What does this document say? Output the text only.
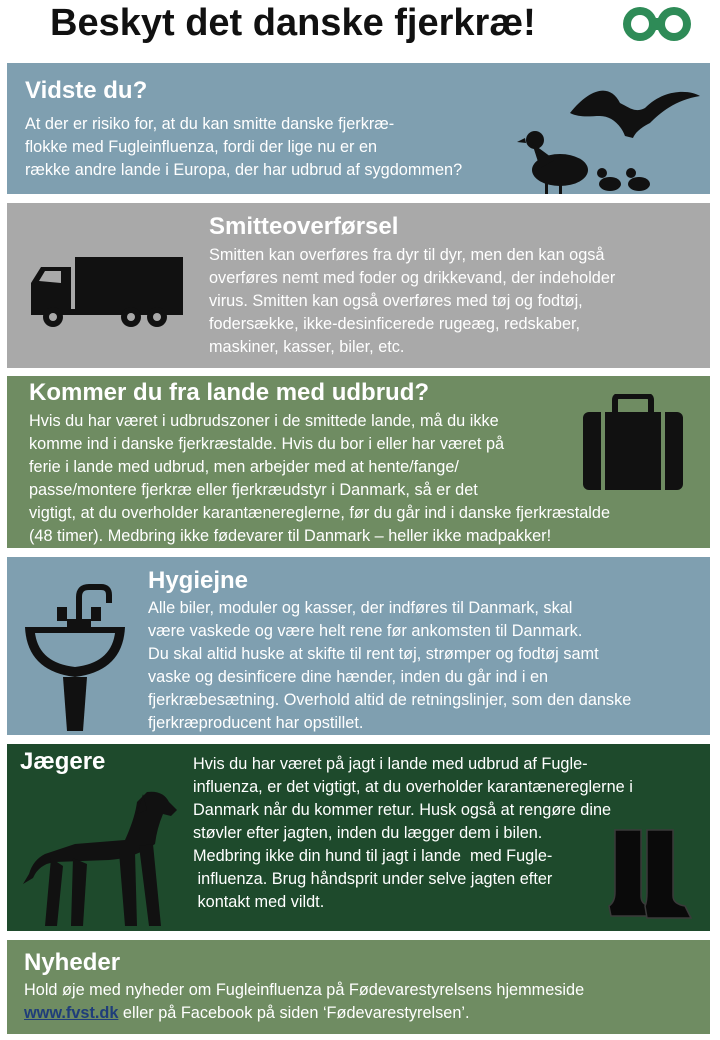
Beskyt det danske fjerkræ!
Vidste du?
At der er risiko for, at du kan smitte danske fjerkræ-
flokke med Fugleinfluenza, fordi der lige nu er en
række andre lande i Europa, der har udbrud af sygdommen?
Smitteoverførsel
Smitten kan overføres fra dyr til dyr, men den kan også
overføres nemt med foder og drikkevand, der indeholder
virus. Smitten kan også overføres med tøj og fodtøj,
fodersække, ikke-desinficerede rugeæg, redskaber,
maskiner, kasser, biler, etc.
Kommer du fra lande med udbrud?
Hvis du har været i udbrudszoner i de smittede lande, må du ikke
komme ind i danske fjerkræstalde. Hvis du bor i eller har været på
ferie i lande med udbrud, men arbejder med at hente/fange/
passe/montere fjerkræ eller fjerkræudstyr i Danmark, så er det
vigtigt, at du overholder karantænereglerne, før du går ind i danske fjerkræstalde
(48 timer). Medbring ikke fødevarer til Danmark – heller ikke madpakker!
Hygiejne
Alle biler, moduler og kasser, der indføres til Danmark, skal
være vaskede og være helt rene før ankomsten til Danmark.
Du skal altid huske at skifte til rent tøj, strømper og fodtøj samt
vaske og desinficere dine hænder, inden du går ind i en
fjerkræbesætning. Overhold altid de retningslinjer, som den danske
fjerkræproducent har opstillet.
Jægere	Hvis du har været på jagt i lande med udbrud af Fugle-
influenza, er det vigtigt, at du overholder karantænereglerne i
Danmark når du kommer retur. Husk også at rengøre dine
støvler efter jagten, inden du lægger dem i bilen.
Medbring ikke din hund til jagt i lande  med Fugle-
influenza. Brug håndsprit under selve jagten efter
kontakt med vildt.
Nyheder
Hold øje med nyheder om Fugleinfluenza på Fødevarestyrelsens hjemmeside
www.fvst.dk eller på Facebook på siden ‘Fødevarestyrelsen’.
